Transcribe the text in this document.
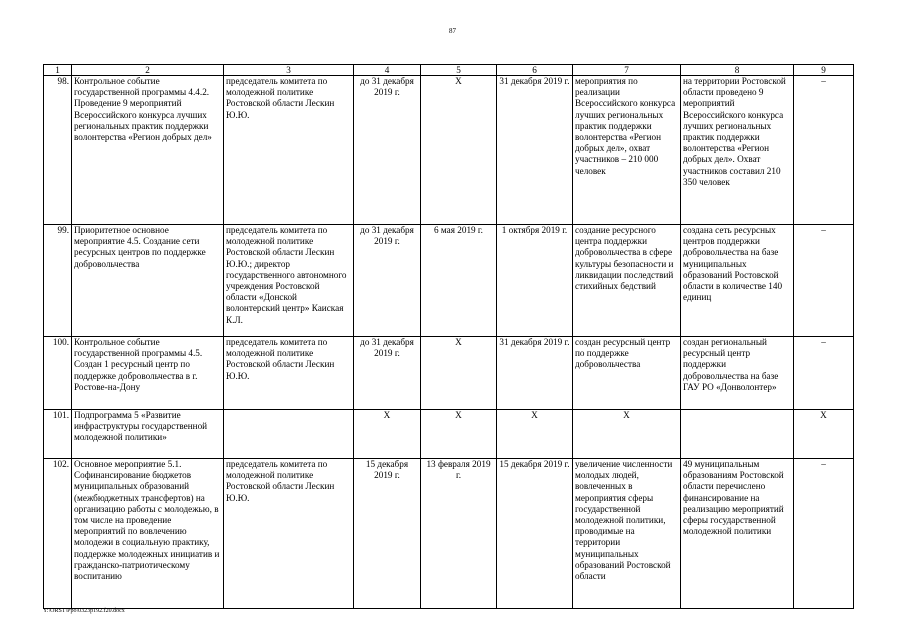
87
1	2	3	4	5	6	7	8	9
98.	Контрольное событие государственной программы 4.4.2. Проведение 9 мероприятий Всероссийского конкурса лучших региональных практик поддержки волонтерства «Регион добрых дел»	председатель комитета по молодежной политике Ростовской области Лескин Ю.Ю.	до 31 декабря 2019 г.	Х	31 декабря 2019 г.	мероприятия по реализации Всероссийского конкурса лучших региональных практик поддержки волонтерства «Регион добрых дел», охват участников – 210 000 человек	на территории Ростовской области проведено 9 мероприятий Всероссийского конкурса лучших региональных практик поддержки волонтерства «Регион добрых дел». Охват участников составил 210 350 человек	–
99.	Приоритетное основное мероприятие 4.5. Создание сети ресурсных центров по поддержке добровольчества	председатель комитета по молодежной политике Ростовской области Лескин Ю.Ю.; директор государственного автономного учреждения Ростовской области «Донской волонтерский центр» Каиская К.Л.	до 31 декабря 2019 г.	6 мая 2019 г.	1 октября 2019 г.	создание ресурсного центра поддержки добровольчества в сфере культуры безопасности и ликвидации последствий стихийных бедствий	создана сеть ресурсных центров поддержки добровольчества на базе муниципальных образований Ростовской области в количестве 140 единиц	–
100.	Контрольное событие государственной программы 4.5. Создан 1 ресурсный центр по поддержке добровольчества в г. Ростове-на-Дону	председатель комитета по молодежной политике Ростовской области Лескин Ю.Ю.	до 31 декабря 2019 г.	Х	31 декабря 2019 г.	создан ресурсный центр по поддержке добровольчества	создан региональный ресурсный центр поддержки добровольчества на базе ГАУ РО «Донволонтер»	–
101.	Подпрограмма 5 «Развитие инфраструктуры государственной молодежной политики»		Х	Х	Х	Х		Х
102.	Основное мероприятие 5.1. Софинансирование бюджетов муниципальных образований (межбюджетных трансфертов) на организацию работы с молодежью, в том числе на проведение мероприятий по вовлечению молодежи в социальную практику, поддержке молодежных инициатив и гражданско-патриотическому воспитанию	председатель комитета по молодежной политике Ростовской области Лескин Ю.Ю.	15 декабря 2019 г.	13 февраля 2019 г.	15 декабря 2019 г.	увеличение численности молодых людей, вовлеченных в мероприятия сферы государственной молодежной политики, проводимые на территории муниципальных образований Ростовской области	49 муниципальным образованиям Ростовской области перечислено финансирование на реализацию мероприятий сферы государственной молодежной политики	–
Y:\ORST\Ppo\0323p192.f20.docx
